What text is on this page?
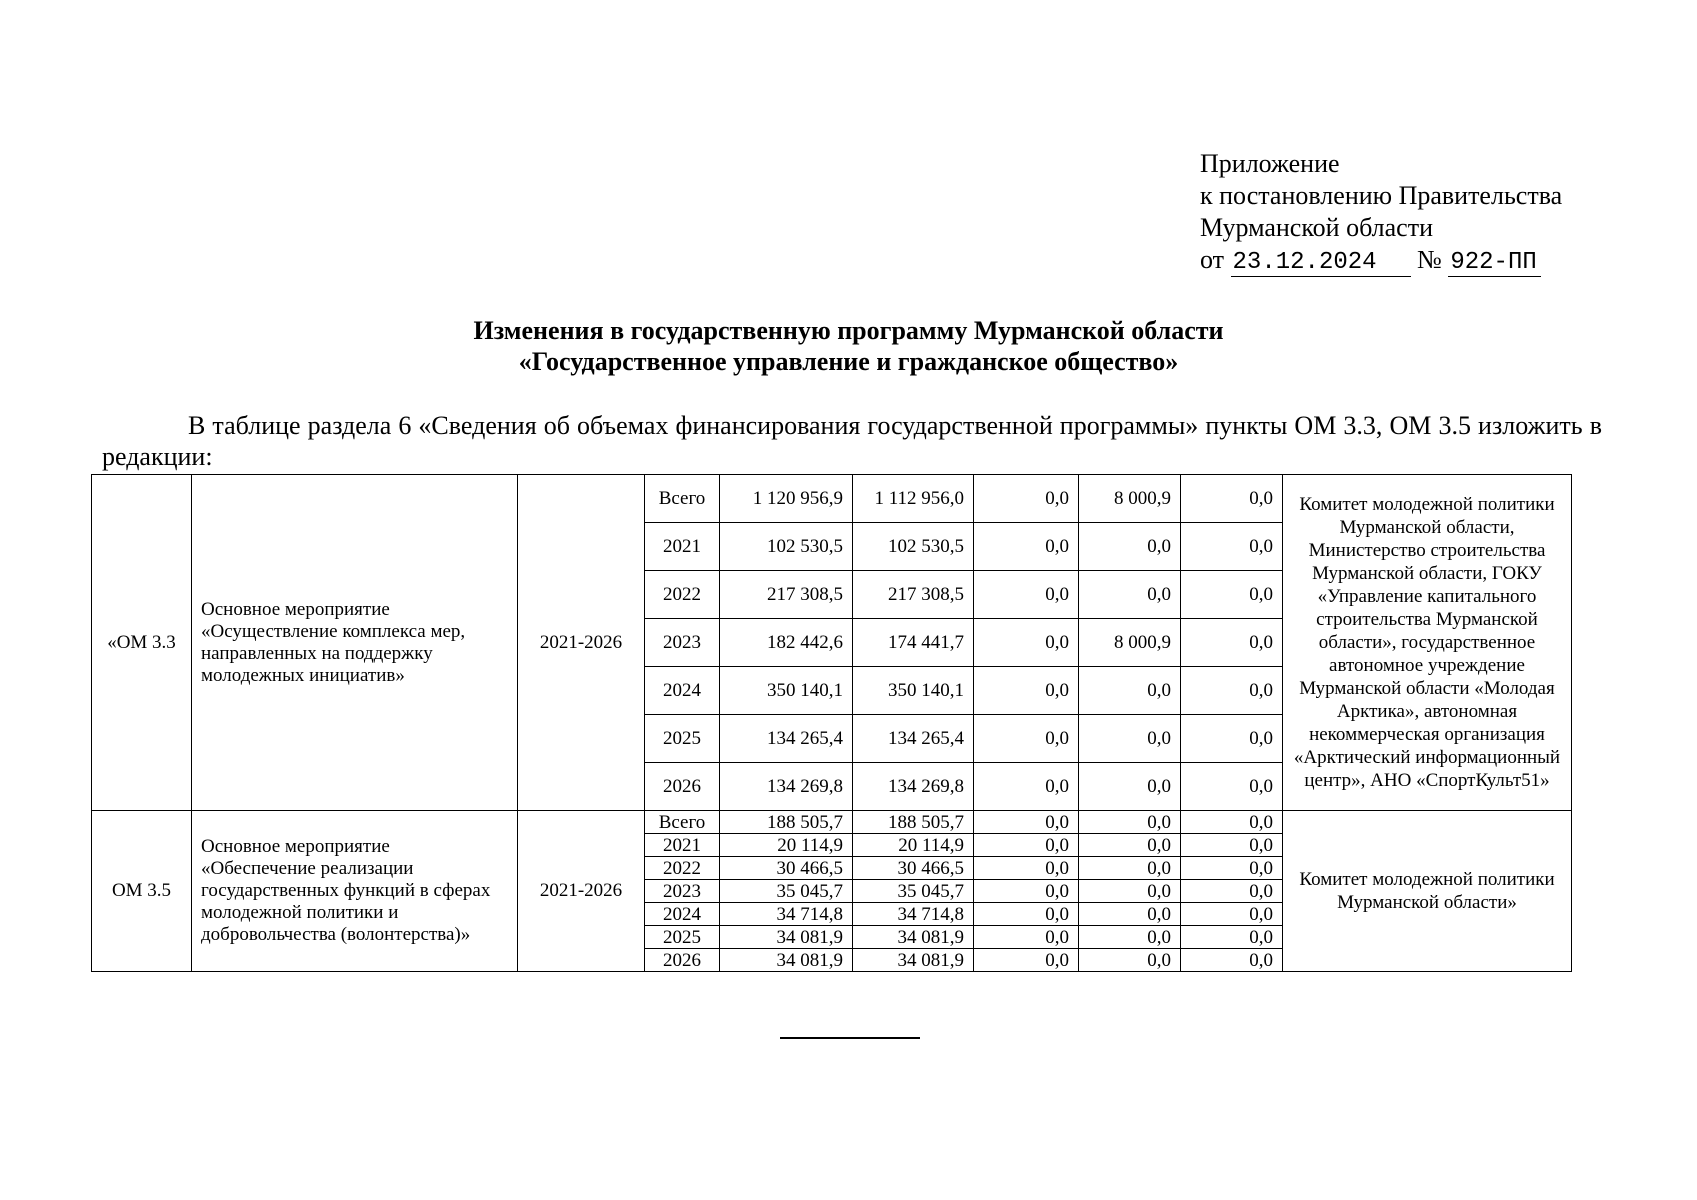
Приложение
к постановлению Правительства
Мурманской области
от 23.12.2024 № 922-ПП
Изменения в государственную программу Мурманской области
«Государственное управление и гражданское общество»
В таблице раздела 6 «Сведения об объемах финансирования государственной программы» пункты ОМ 3.3, ОМ 3.5 изложить в редакции:
«ОМ 3.3	Основное мероприятие «Осуществление комплекса мер, направленных на поддержку молодежных инициатив»	2021-2026	Всего	1 120 956,9	1 112 956,0	0,0	8 000,9	0,0	Комитет молодежной политики Мурманской области, Министерство строительства Мурманской области, ГОКУ «Управление капитального строительства Мурманской области», государственное автономное учреждение Мурманской области «Молодая Арктика», автономная некоммерческая организация «Арктический информационный центр», АНО «СпортКульт51»
			2021	102 530,5	102 530,5	0,0	0,0	0,0	
			2022	217 308,5	217 308,5	0,0	0,0	0,0	
			2023	182 442,6	174 441,7	0,0	8 000,9	0,0	
			2024	350 140,1	350 140,1	0,0	0,0	0,0	
			2025	134 265,4	134 265,4	0,0	0,0	0,0	
			2026	134 269,8	134 269,8	0,0	0,0	0,0	
ОМ 3.5	Основное мероприятие «Обеспечение реализации государственных функций в сферах молодежной политики и добровольчества (волонтерства)»	2021-2026	Всего	188 505,7	188 505,7	0,0	0,0	0,0	Комитет молодежной политики Мурманской области»
			2021	20 114,9	20 114,9	0,0	0,0	0,0	
			2022	30 466,5	30 466,5	0,0	0,0	0,0	
			2023	35 045,7	35 045,7	0,0	0,0	0,0	
			2024	34 714,8	34 714,8	0,0	0,0	0,0	
			2025	34 081,9	34 081,9	0,0	0,0	0,0	
			2026	34 081,9	34 081,9	0,0	0,0	0,0	
